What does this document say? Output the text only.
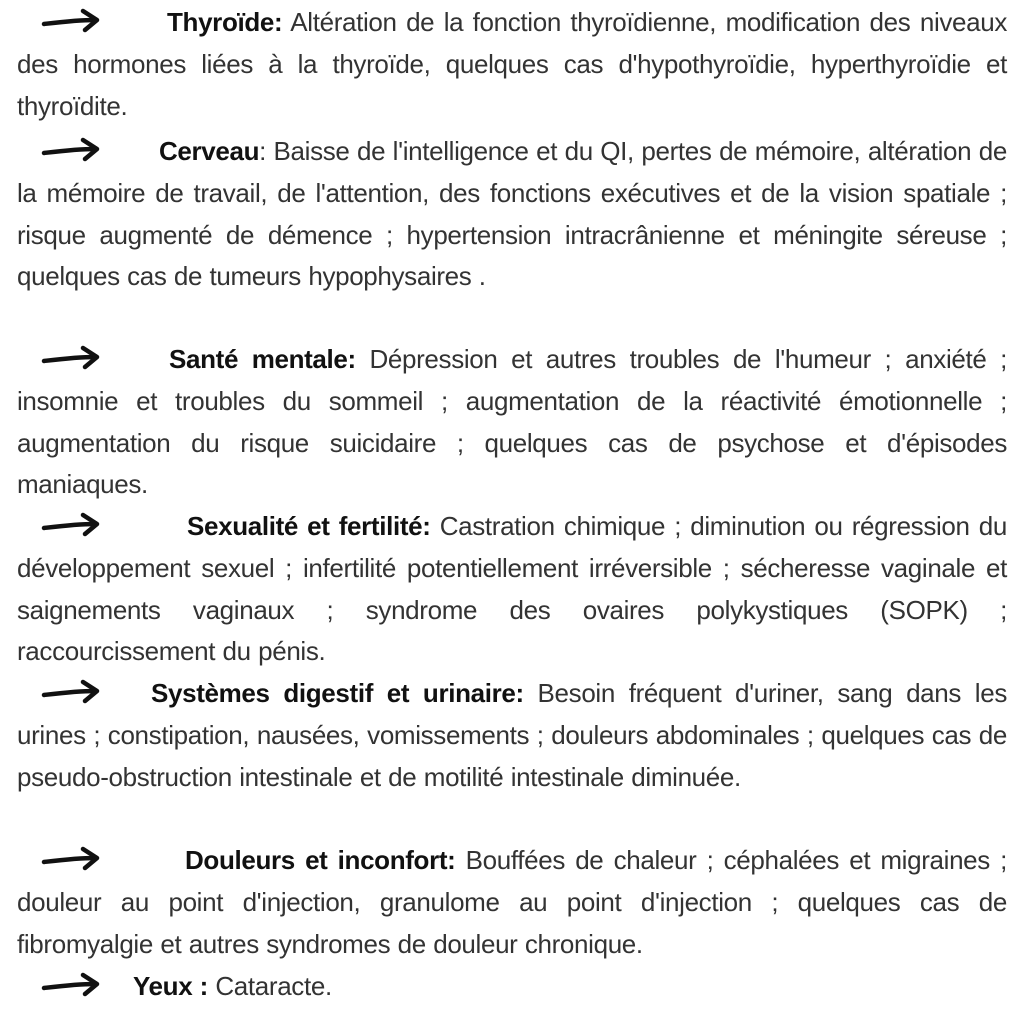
Thyroïde: Altération de la fonction thyroïdienne, modification des niveaux des hormones liées à la thyroïde, quelques cas d'hypothyroïdie, hyperthyroïdie et thyroïdite.

Cerveau: Baisse de l'intelligence et du QI, pertes de mémoire, altération de la mémoire de travail, de l'attention, des fonctions exécutives et de la vision spatiale ; risque augmenté de démence ; hypertension intracrânienne et méningite séreuse ; quelques cas de tumeurs hypophysaires .

Santé mentale: Dépression et autres troubles de l'humeur ; anxiété ; insomnie et troubles du sommeil ; augmentation de la réactivité émotionnelle ; augmentation du risque suicidaire ; quelques cas de psychose et d'épisodes maniaques.

Sexualité et fertilité: Castration chimique ; diminution ou régression du développement sexuel ; infertilité potentiellement irréversible ; sécheresse vaginale et saignements vaginaux ; syndrome des ovaires polykystiques (SOPK) ; raccourcissement du pénis.

Systèmes digestif et urinaire: Besoin fréquent d'uriner, sang dans les urines ; constipation, nausées, vomissements ; douleurs abdominales ; quelques cas de pseudo-obstruction intestinale et de motilité intestinale diminuée.

Douleurs et inconfort: Bouffées de chaleur ; céphalées et migraines ; douleur au point d'injection, granulome au point d'injection ; quelques cas de fibromyalgie et autres syndromes de douleur chronique.

Yeux : Cataracte.
